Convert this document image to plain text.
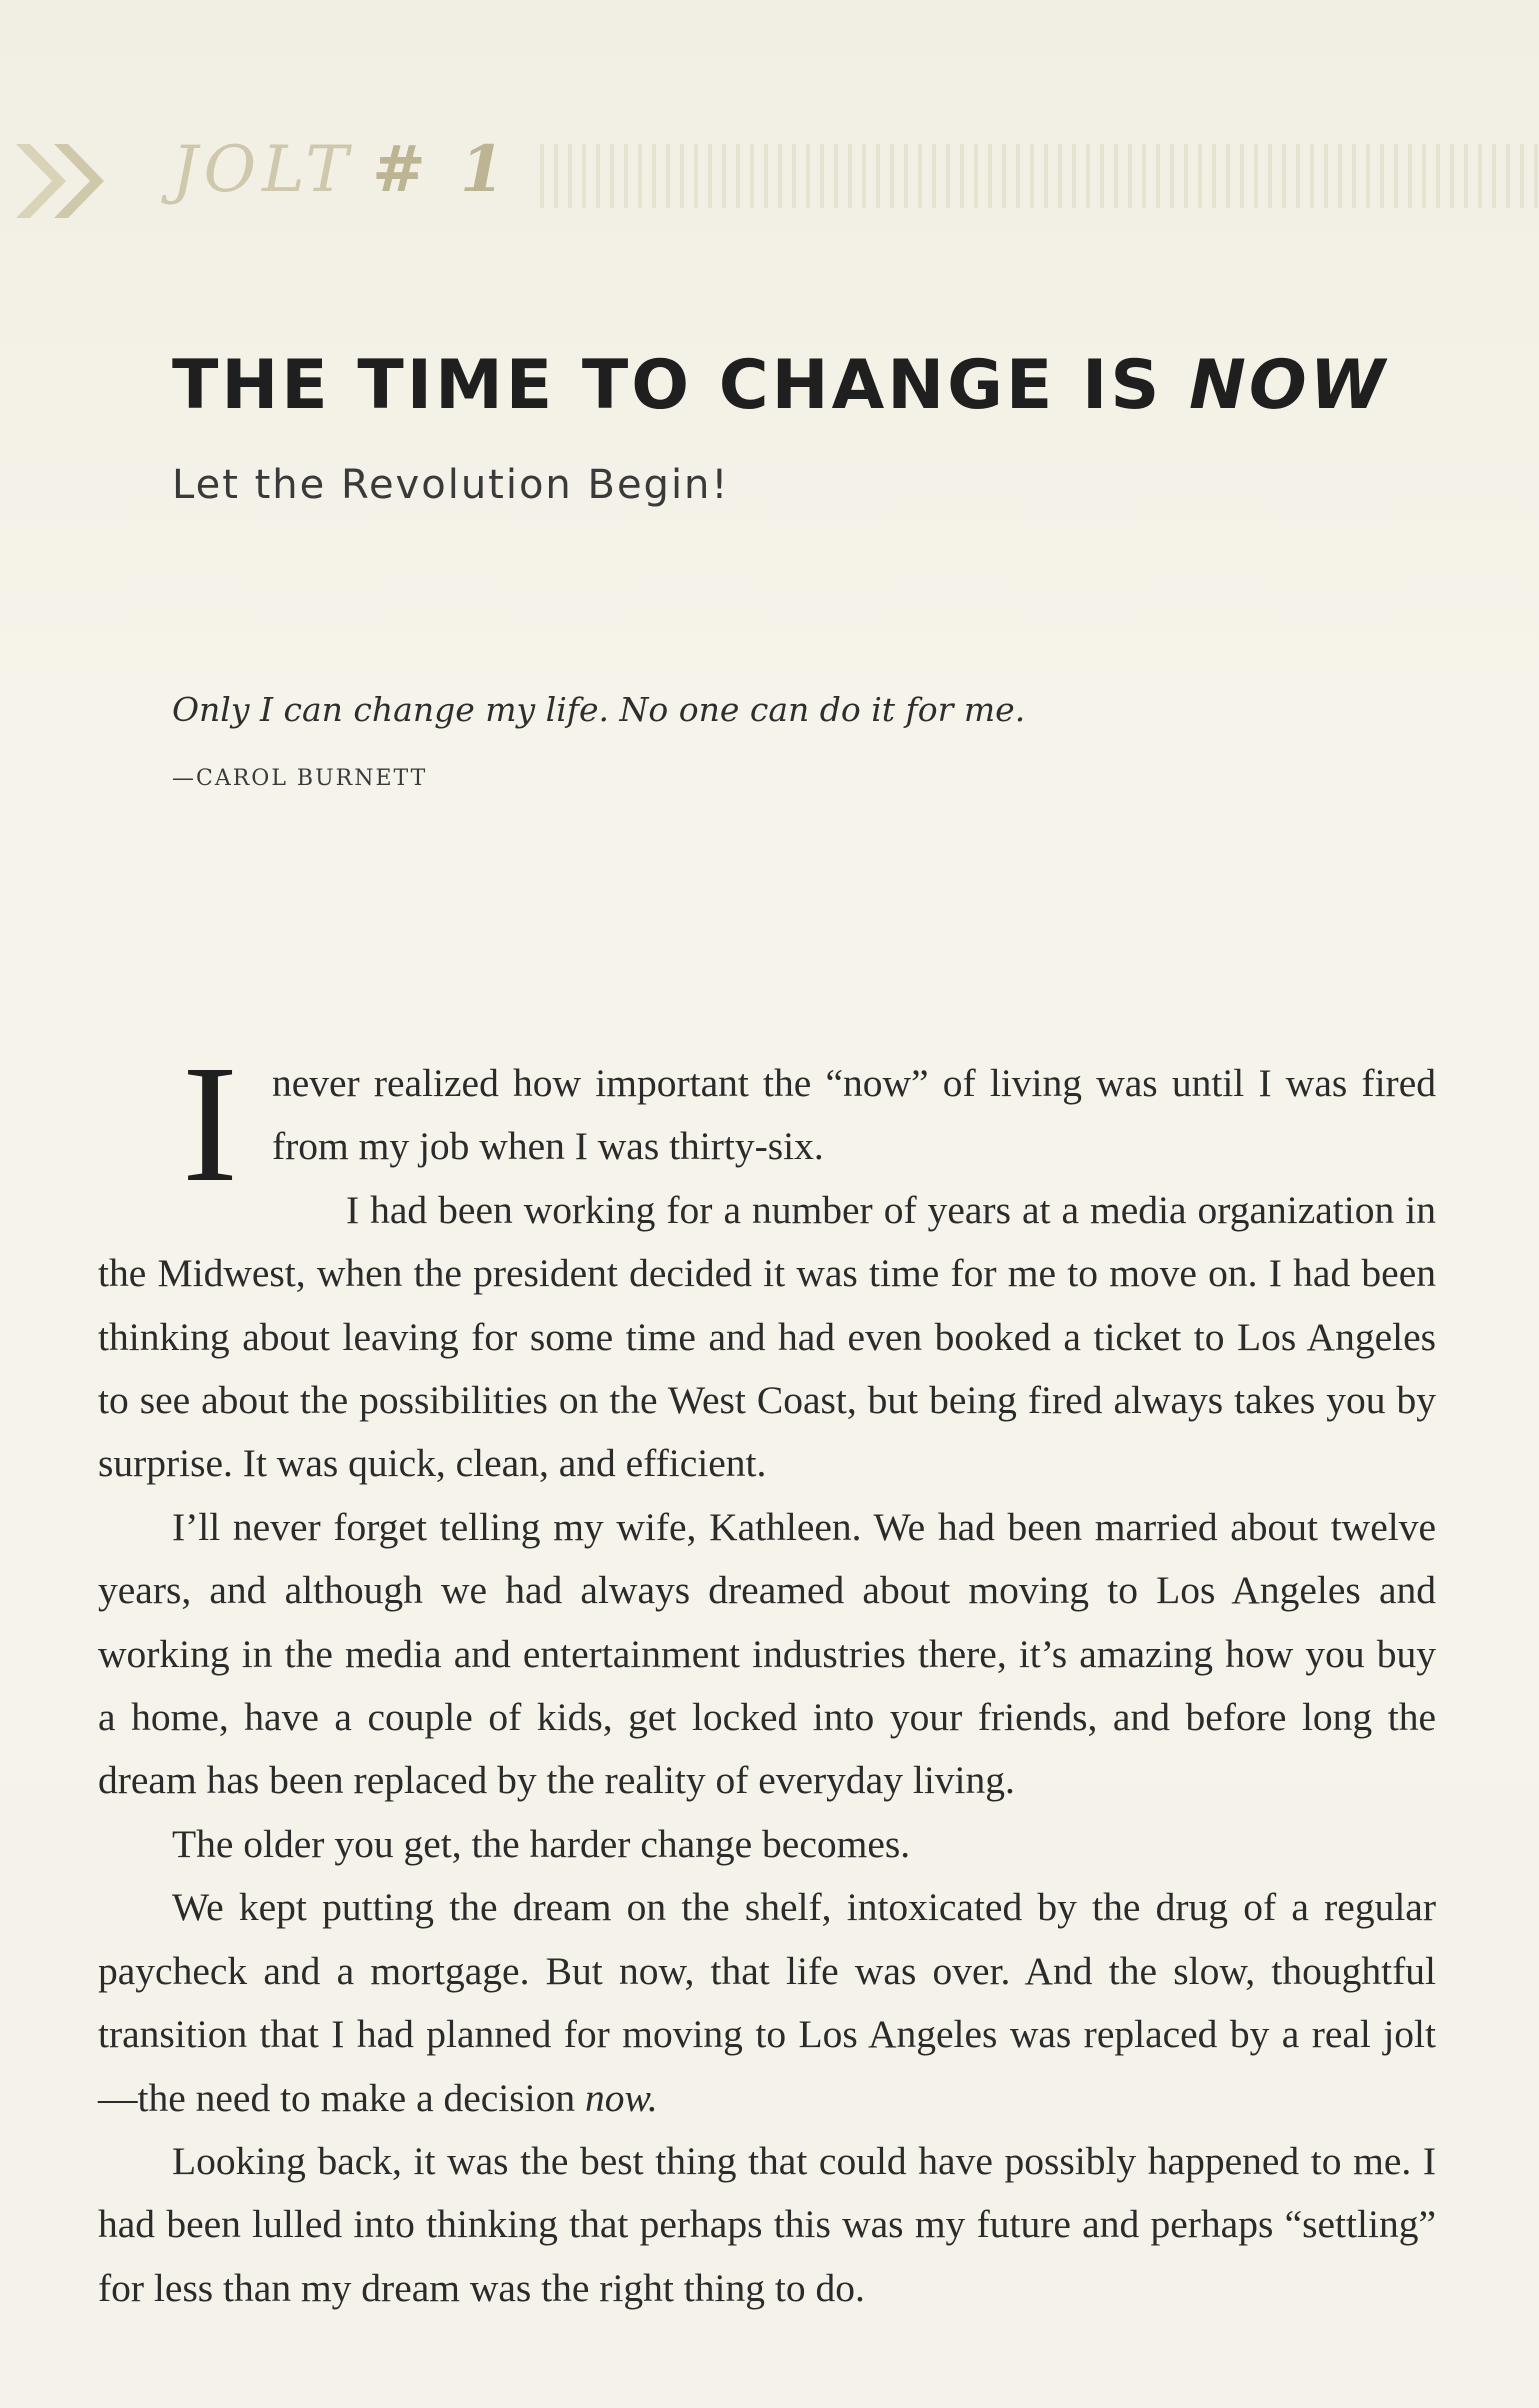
JOLT # 1
THE TIME TO CHANGE IS NOW
Let the Revolution Begin!
Only I can change my life. No one can do it for me.
—CAROL BURNETT

Inever realized how important the “now” of living was until I was fired from my job when I was thirty-six.

I had been working for a number of years at a media organization in the Midwest, when the president decided it was time for me to move on. I had been thinking about leaving for some time and had even booked a ticket to Los Angeles to see about the possibilities on the West Coast, but being fired always takes you by surprise. It was quick, clean, and efficient.

I’ll never forget telling my wife, Kathleen. We had been married about twelve years, and although we had always dreamed about moving to Los Angeles and working in the media and entertainment industries there, it’s amazing how you buy a home, have a couple of kids, get locked into your friends, and before long the dream has been replaced by the reality of everyday living.

The older you get, the harder change becomes.

We kept putting the dream on the shelf, intoxicated by the drug of a regular paycheck and a mortgage. But now, that life was over. And the slow, thoughtful transition that I had planned for moving to Los Angeles was replaced by a real jolt—the need to make a decision now.

Looking back, it was the best thing that could have possibly happened to me. I had been lulled into thinking that perhaps this was my future and perhaps “settling” for less than my dream was the right thing to do.
